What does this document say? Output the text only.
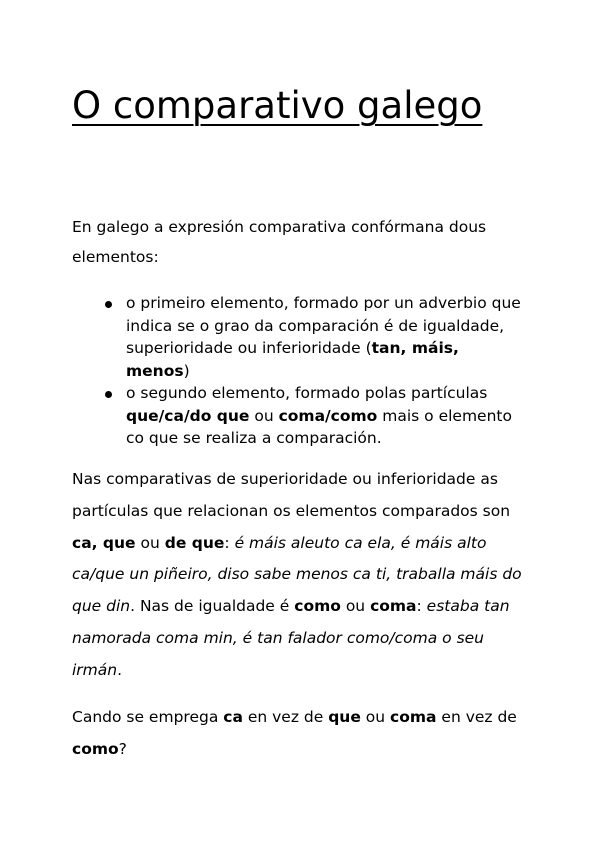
O comparativo galego

En galego a expresión comparativa confórmana dous elementos:

o primeiro elemento, formado por un adverbio que indica se o grao da comparación é de igualdade, superioridade ou inferioridade (tan, máis, menos)
o segundo elemento, formado polas partículas que/ca/do que ou coma/como mais o elemento co que se realiza a comparación.

Nas comparativas de superioridade ou inferioridade as partículas que relacionan os elementos comparados son ca, que ou de que: é máis aleuto ca ela, é máis alto ca/que un piñeiro, diso sabe menos ca ti, traballa máis do que din. Nas de igualdade é como ou coma: estaba tan namorada coma min, é tan falador como/coma o seu irmán.

Cando se emprega ca en vez de que ou coma en vez de como?
